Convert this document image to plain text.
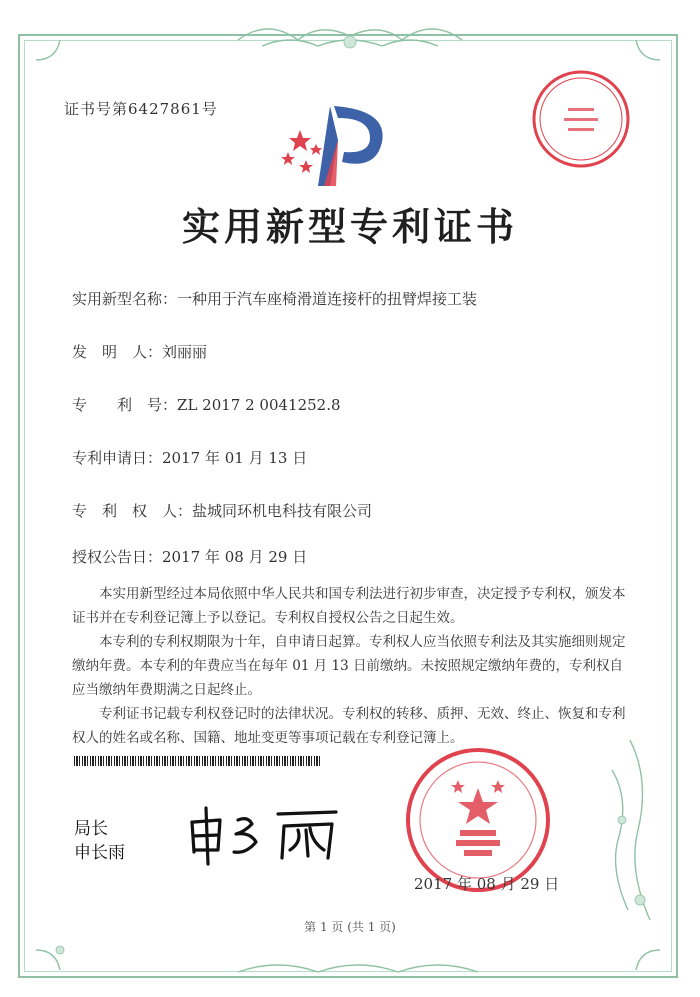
证书号第6427861号
实用新型专利证书
实用新型名称：一种用于汽车座椅滑道连接杆的扭臂焊接工装
发　明　人：刘丽丽
专　　利　号：ZL 2017 2 0041252.8
专利申请日：2017 年 01 月 13 日
专　利　权　人：盐城同环机电科技有限公司
授权公告日：2017 年 08 月 29 日

本实用新型经过本局依照中华人民共和国专利法进行初步审查，决定授予专利权，颁发本证书并在专利登记簿上予以登记。专利权自授权公告之日起生效。

本专利的专利权期限为十年，自申请日起算。专利权人应当依照专利法及其实施细则规定缴纳年费。本专利的年费应当在每年 01 月 13 日前缴纳。未按照规定缴纳年费的，专利权自应当缴纳年费期满之日起终止。

专利证书记载专利权登记时的法律状况。专利权的转移、质押、无效、终止、恢复和专利权人的姓名或名称、国籍、地址变更等事项记载在专利登记簿上。

局长
申长雨
2017 年 08 月 29 日
第 1 页 (共 1 页)
